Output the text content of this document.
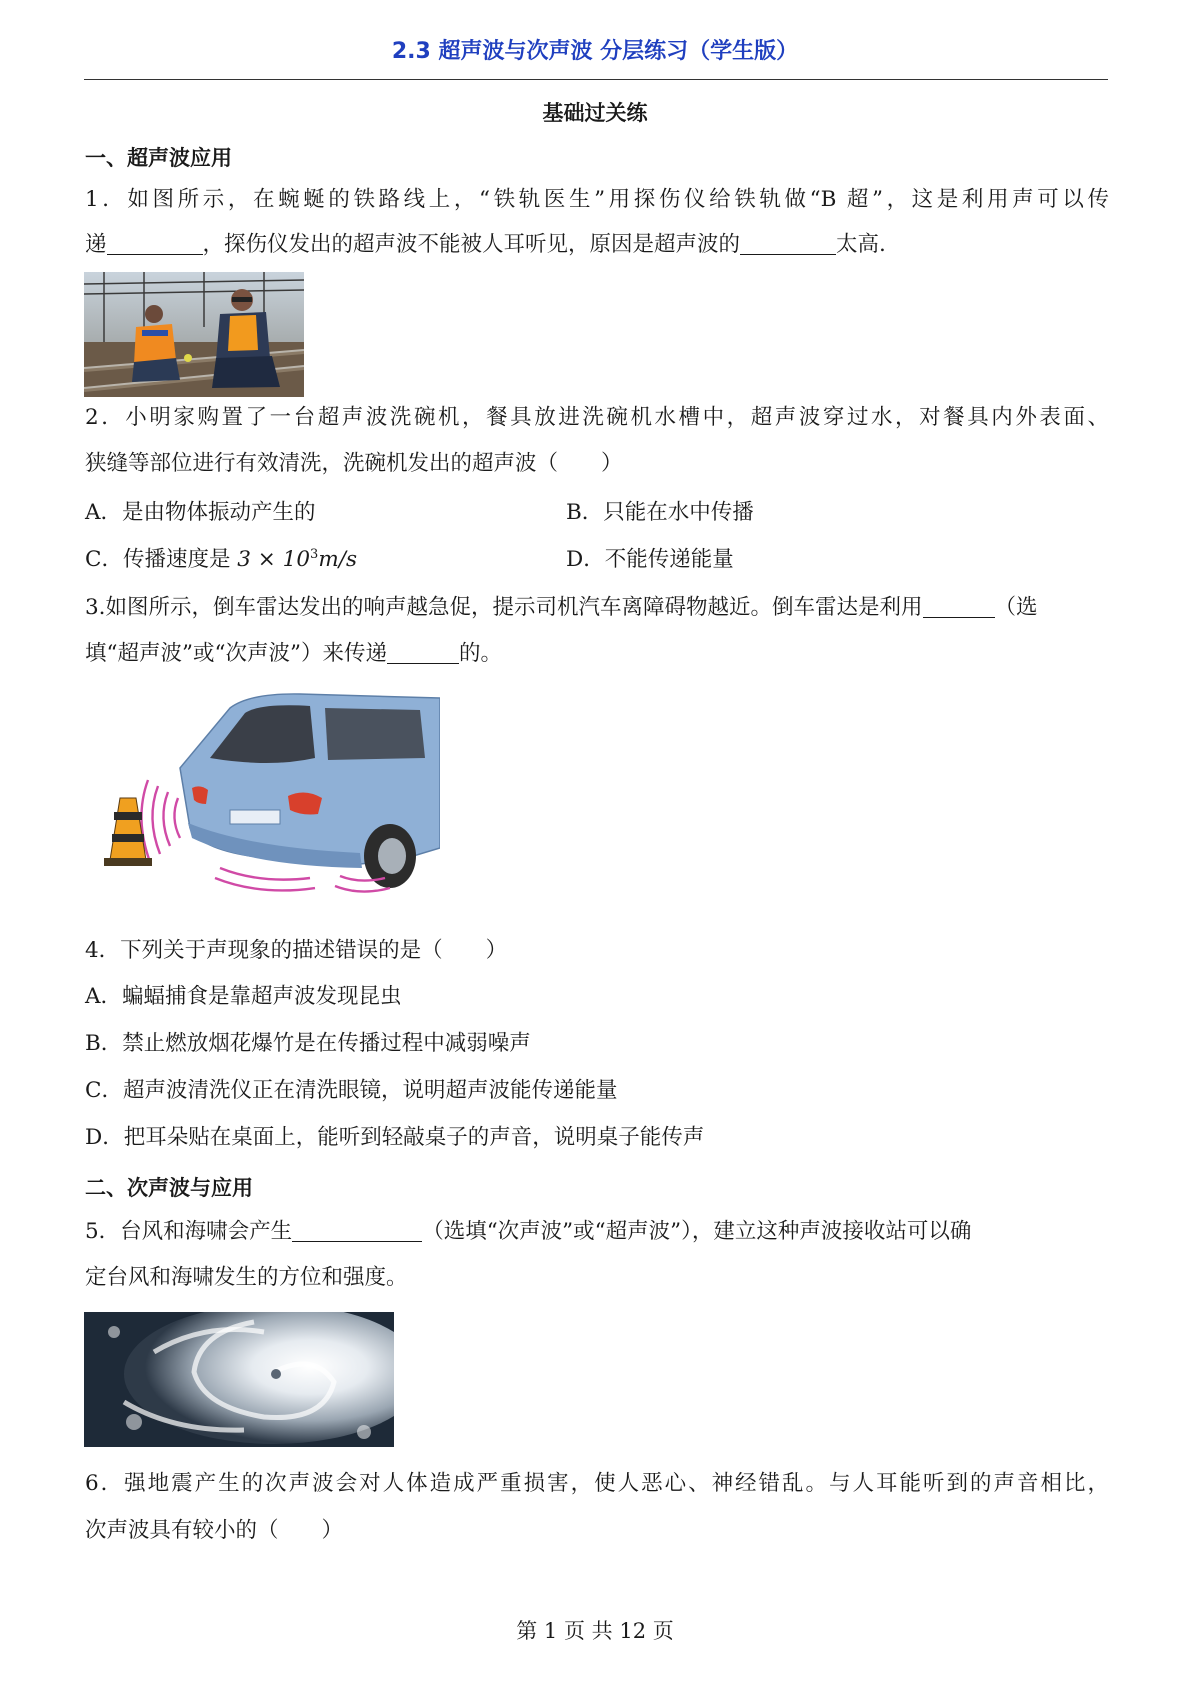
2.3 超声波与次声波 分层练习（学生版）
基础过关练
一、超声波应用
1．如图所示，在蜿蜒的铁路线上，“铁轨医生”用探伤仪给铁轨做“B 超”，这是利用声可以传
递	，探伤仪发出的超声波不能被人耳听见，原因是超声波的	太高.
2．小明家购置了一台超声波洗碗机，餐具放进洗碗机水槽中，超声波穿过水，对餐具内外表面、
狭缝等部位进行有效清洗，洗碗机发出的超声波（　　）
A．是由物体振动产生的	B．只能在水中传播
C．传播速度是 $3 \times 10^3m/s$	D．不能传递能量
3.如图所示，倒车雷达发出的响声越急促，提示司机汽车离障碍物越近。倒车雷达是利用	（选
填“超声波”或“次声波”）来传递	的。
4．下列关于声现象的描述错误的是（　　）
A．蝙蝠捕食是靠超声波发现昆虫
B．禁止燃放烟花爆竹是在传播过程中减弱噪声
C．超声波清洗仪正在清洗眼镜，说明超声波能传递能量
D．把耳朵贴在桌面上，能听到轻敲桌子的声音，说明桌子能传声
二、次声波与应用
5．台风和海啸会产生	（选填“次声波”或“超声波”），建立这种声波接收站可以确
定台风和海啸发生的方位和强度。
6．强地震产生的次声波会对人体造成严重损害，使人恶心、神经错乱。与人耳能听到的声音相比，
次声波具有较小的（　　）
第 1 页 共 12 页
